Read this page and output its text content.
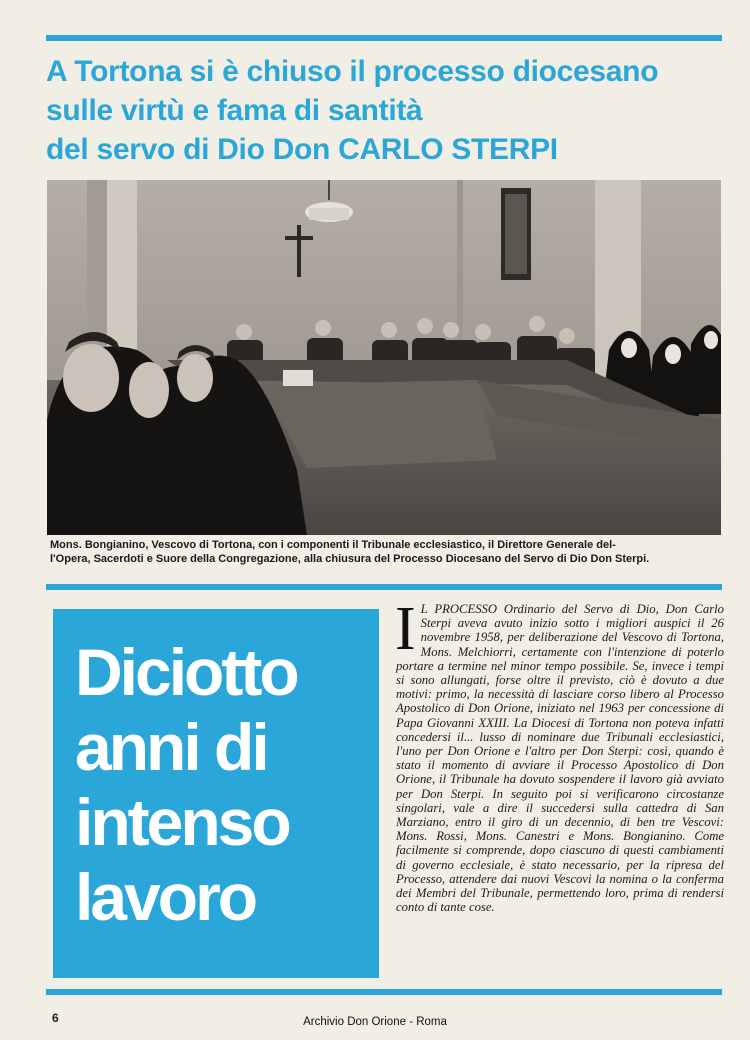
A Tortona si è chiuso il processo diocesano
sulle virtù e fama di santità
del servo di Dio Don CARLO STERPI

Mons. Bongianino, Vescovo di Tortona, con i componenti il Tribunale ecclesiastico, il Direttore Generale del-
l'Opera, Sacerdoti e Suore della Congregazione, alla chiusura del Processo Diocesano del Servo di Dio Don Sterpi.

Diciotto
anni di
intenso
lavoro

I L PROCESSO Ordinario del Servo di Dio, Don Carlo Sterpi aveva avuto inizio sotto i migliori auspici il 26 novembre 1958, per deliberazione del Vescovo di Tortona, Mons. Melchiorri, certamente con l'intenzione di poterlo portare a termine nel minor tempo possibile. Se, invece i tempi si sono allungati, forse oltre il previsto, ciò è dovuto a due motivi: primo, la necessità di lasciare corso libero al Processo Apostolico di Don Orione, iniziato nel 1963 per concessione di Papa Giovanni XXIII. La Diocesi di Tortona non poteva infatti concedersi il... lusso di nominare due Tribunali ecclesiastici, l'uno per Don Orione e l'altro per Don Sterpi: così, quando è stato il momento di avviare il Processo Apostolico di Don Orione, il Tribunale ha dovuto sospendere il lavoro già avviato per Don Sterpi. In seguito poi si verificarono circostanze singolari, vale a dire il succedersi sulla cattedra di San Marziano, entro il giro di un decennio, di ben tre Vescovi: Mons. Rossi, Mons. Canestri e Mons. Bongianino. Come facilmente si comprende, dopo ciascuno di questi cambiamenti di governo ecclesiale, è stato necessario, per la ripresa del Processo, attendere dai nuovi Vescovi la nomina o la conferma dei Membri del Tribunale, permettendo loro, prima di rendersi conto di tante cose.

6	Archivio Don Orione - Roma
